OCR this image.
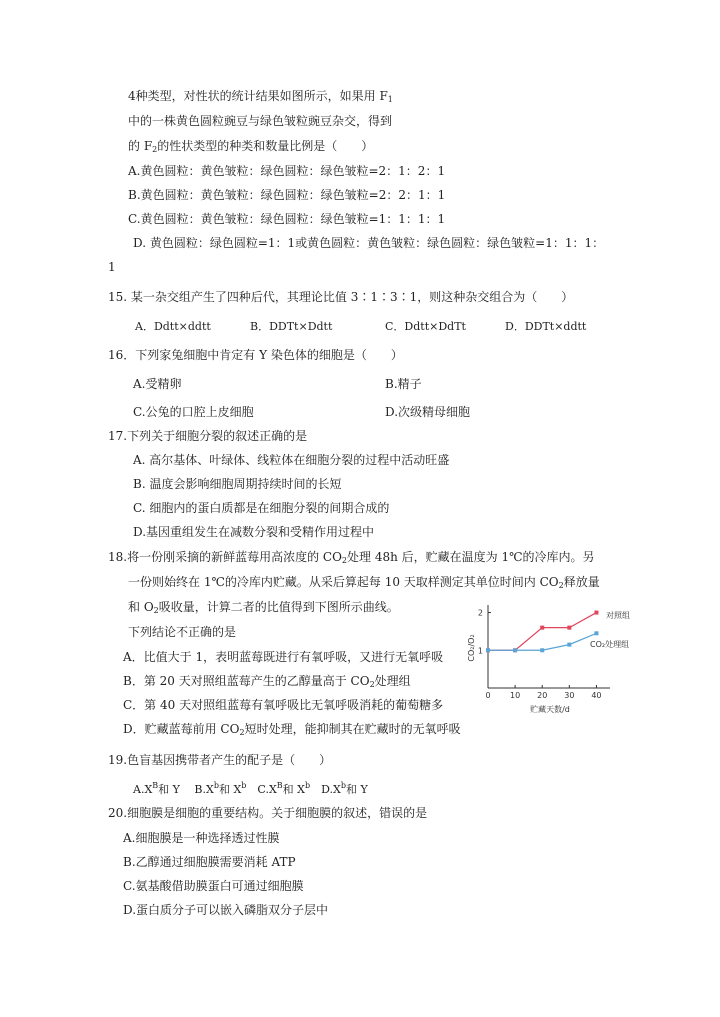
4种类型，对性状的统计结果如图所示，如果用 $F_1$
中的一株黄色圆粒豌豆与绿色皱粒豌豆杂交，得到
的 $F_2$的性状类型的种类和数量比例是（　　）
A.黄色圆粒：黄色皱粒：绿色圆粒：绿色皱粒=2：1：2：1
B.黄色圆粒：黄色皱粒：绿色圆粒：绿色皱粒=2：2：1：1
C.黄色圆粒：黄色皱粒：绿色圆粒：绿色皱粒=1：1：1：1
D. 黄色圆粒：绿色圆粒=1：1或黄色圆粒：黄色皱粒：绿色圆粒：绿色皱粒=1：1：1：
1
15. 某一杂交组产生了四种后代，其理论比值 3∶1∶3∶1，则这种杂交组合为（　　）
A．Ddtt×ddtt	B．DDTt×Ddtt	C．Ddtt×DdTt	D．DDTt×ddtt
16．下列家兔细胞中肯定有 Y 染色体的细胞是（　　）
A.受精卵	B.精子
C.公兔的口腔上皮细胞	D.次级精母细胞
17.下列关于细胞分裂的叙述正确的是
A. 高尔基体、叶绿体、线粒体在细胞分裂的过程中活动旺盛
B. 温度会影响细胞周期持续时间的长短
C. 细胞内的蛋白质都是在细胞分裂的间期合成的
D.基因重组发生在减数分裂和受精作用过程中
18.将一份刚采摘的新鲜蓝莓用高浓度的 $CO_2$处理 48h 后，贮藏在温度为 1℃的冷库内。另
一份则始终在 1℃的冷库内贮藏。从采后算起每 10 天取样测定其单位时间内 $CO_2$释放量
和 $O_2$吸收量，计算二者的比值得到下图所示曲线。
下列结论不正确的是
A．比值大于 1，表明蓝莓既进行有氧呼吸，又进行无氧呼吸
B．第 20 天对照组蓝莓产生的乙醇量高于 $CO_2$处理组
C．第 40 天对照组蓝莓有氧呼吸比无氧呼吸消耗的葡萄糖多
D．贮藏蓝莓前用 $CO_2$短时处理，能抑制其在贮藏时的无氧呼吸
CO₂/O₂
贮藏天数/d
0 10 20 30 40
1
2	对照组
CO₂处理组
19.色盲基因携带者产生的配子是（　　）
$A.X^B$和 Y　 $B.X^b$和 $X^b$　$C.X^B$和 $X^b$　$D.X^b$和 Y
20.细胞膜是细胞的重要结构。关于细胞膜的叙述，错误的是
A.细胞膜是一种选择透过性膜
B.乙醇通过细胞膜需要消耗 ATP
C.氨基酸借助膜蛋白可通过细胞膜
D.蛋白质分子可以嵌入磷脂双分子层中
